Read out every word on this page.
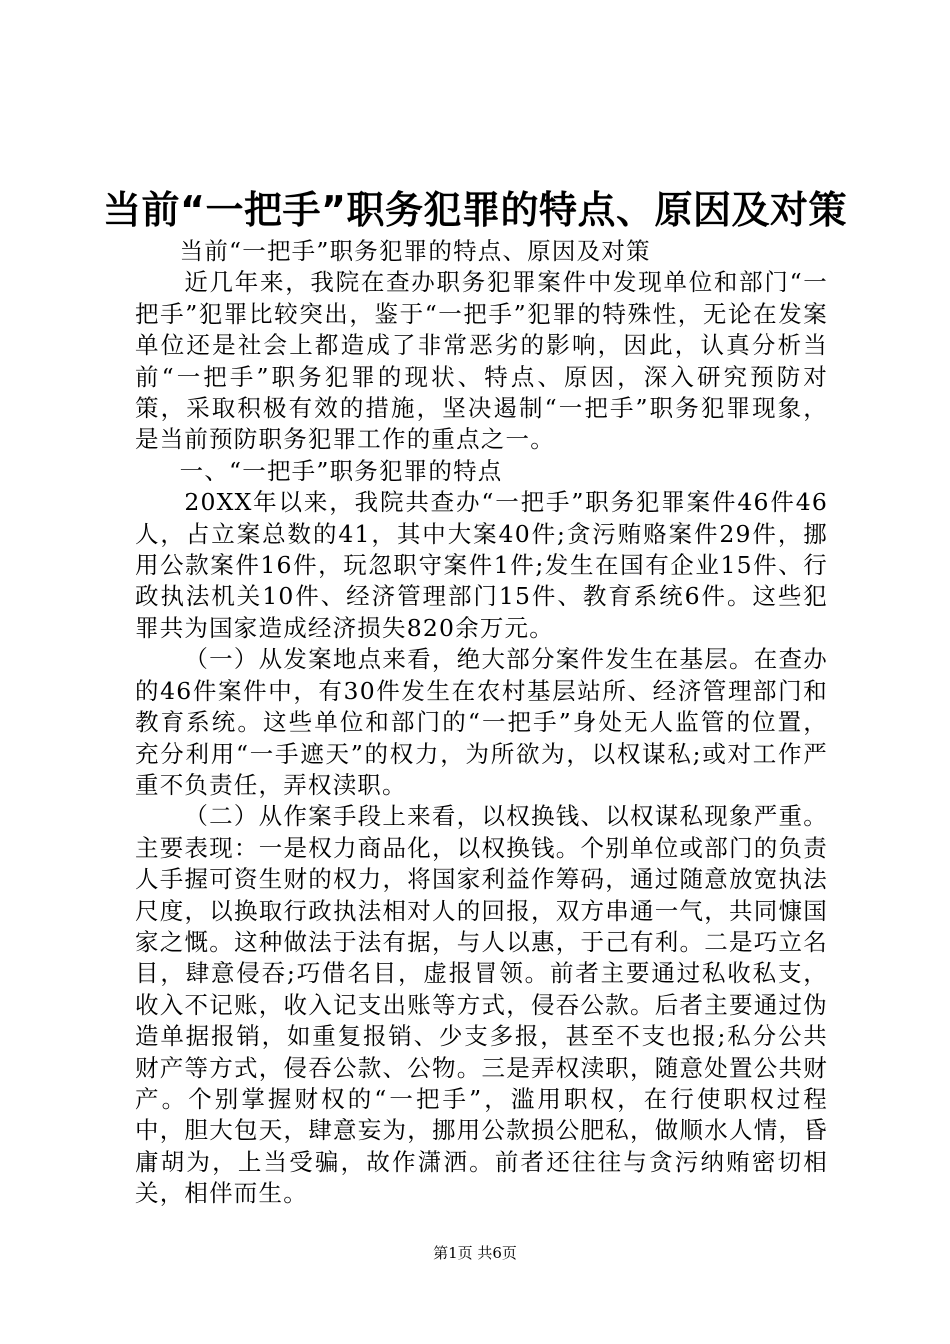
当前“一把手”职务犯罪的特点、原因及对策

当前“一把手”职务犯罪的特点、原因及对策

近几年来，我院在查办职务犯罪案件中发现单位和部门“一把手”犯罪比较突出，鉴于“一把手”犯罪的特殊性，无论在发案单位还是社会上都造成了非常恶劣的影响，因此，认真分析当前“一把手”职务犯罪的现状、特点、原因，深入研究预防对策，采取积极有效的措施，坚决遏制“一把手”职务犯罪现象，是当前预防职务犯罪工作的重点之一。

一、“一把手”职务犯罪的特点

20XX年以来，我院共查办“一把手”职务犯罪案件46件46人，占立案总数的41，其中大案40件;贪污贿赂案件29件，挪用公款案件16件，玩忽职守案件1件;发生在国有企业15件、行政执法机关10件、经济管理部门15件、教育系统6件。这些犯罪共为国家造成经济损失820余万元。

（一）从发案地点来看，绝大部分案件发生在基层。在查办的46件案件中，有30件发生在农村基层站所、经济管理部门和教育系统。这些单位和部门的“一把手”身处无人监管的位置，充分利用“一手遮天”的权力，为所欲为，以权谋私;或对工作严重不负责任，弄权渎职。

（二）从作案手段上来看，以权换钱、以权谋私现象严重。主要表现：一是权力商品化，以权换钱。个别单位或部门的负责人手握可资生财的权力，将国家利益作筹码，通过随意放宽执法尺度，以换取行政执法相对人的回报，双方串通一气，共同慷国家之慨。这种做法于法有据，与人以惠，于己有利。二是巧立名目，肆意侵吞;巧借名目，虚报冒领。前者主要通过私收私支，收入不记账，收入记支出账等方式，侵吞公款。后者主要通过伪造单据报销，如重复报销、少支多报，甚至不支也报;私分公共财产等方式，侵吞公款、公物。三是弄权渎职，随意处置公共财产。个别掌握财权的“一把手”，滥用职权，在行使职权过程中，胆大包天，肆意妄为，挪用公款损公肥私，做顺水人情，昏庸胡为，上当受骗，故作潇洒。前者还往往与贪污纳贿密切相关，相伴而生。

第1页 共6页
